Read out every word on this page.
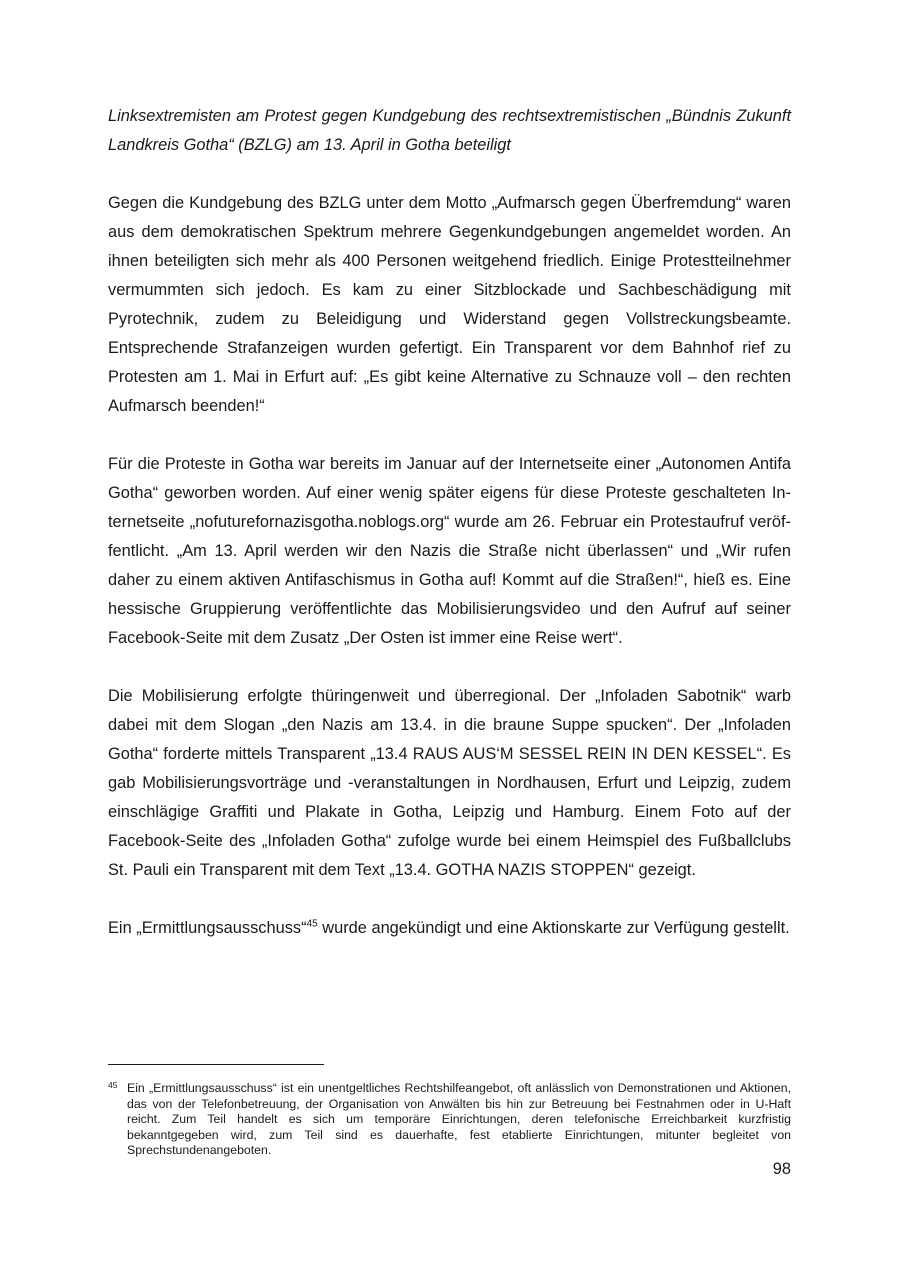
Linksextremisten am Protest gegen Kundgebung des rechtsextremistischen „Bündnis Zukunft Landkreis Gotha“ (BZLG) am 13. April in Gotha beteiligt

Gegen die Kundgebung des BZLG unter dem Motto „Aufmarsch gegen Überfremdung“ waren aus dem demokratischen Spektrum mehrere Gegenkundgebungen angemeldet worden. An ihnen beteiligten sich mehr als 400 Personen weitgehend friedlich. Einige Protestteilnehmer vermummten sich jedoch. Es kam zu einer Sitzblockade und Sachbeschädigung mit Pyrotechnik, zudem zu Beleidigung und Widerstand gegen Vollstreckungsbeamte. Entsprechende Strafanzeigen wurden gefertigt. Ein Transparent vor dem Bahnhof rief zu Protesten am 1. Mai in Erfurt auf: „Es gibt keine Alternative zu Schnauze voll – den rechten Aufmarsch beenden!“

Für die Proteste in Gotha war bereits im Januar auf der Internetseite einer „Autonomen Antifa Gotha“ geworben worden. Auf einer wenig später eigens für diese Proteste geschalteten Internetseite „nofuturefornazisgotha.noblogs.org“ wurde am 26. Februar ein Protestaufruf veröffentlicht. „Am 13. April werden wir den Nazis die Straße nicht überlassen“ und „Wir rufen daher zu einem aktiven Antifaschismus in Gotha auf! Kommt auf die Straßen!“, hieß es. Eine hessische Gruppierung veröffentlichte das Mobilisierungsvideo und den Aufruf auf seiner Facebook-Seite mit dem Zusatz „Der Osten ist immer eine Reise wert“.

Die Mobilisierung erfolgte thüringenweit und überregional. Der „Infoladen Sabotnik“ warb dabei mit dem Slogan „den Nazis am 13.4. in die braune Suppe spucken“. Der „Infoladen Gotha“ forderte mittels Transparent „13.4 RAUS AUS‘M SESSEL REIN IN DEN KESSEL“. Es gab Mobilisierungsvorträge und -veranstaltungen in Nordhausen, Erfurt und Leipzig, zudem einschlägige Graffiti und Plakate in Gotha, Leipzig und Hamburg. Einem Foto auf der Facebook-Seite des „Infoladen Gotha“ zufolge wurde bei einem Heimspiel des Fußballclubs St. Pauli ein Transparent mit dem Text „13.4. GOTHA NAZIS STOPPEN“ gezeigt.

Ein „Ermittlungsausschuss“$^{45}$ wurde angekündigt und eine Aktionskarte zur Verfügung gestellt.

45 Ein „Ermittlungsausschuss“ ist ein unentgeltliches Rechtshilfeangebot, oft anlässlich von Demonstrationen und Aktionen, das von der Telefonbetreuung, der Organisation von Anwälten bis hin zur Betreuung bei Festnahmen oder in U-Haft reicht. Zum Teil handelt es sich um temporäre Einrichtungen, deren telefonische Erreichbarkeit kurzfristig bekanntgegeben wird, zum Teil sind es dauerhafte, fest etablierte Einrichtungen, mitunter begleitet von Sprechstundenangeboten.
98
